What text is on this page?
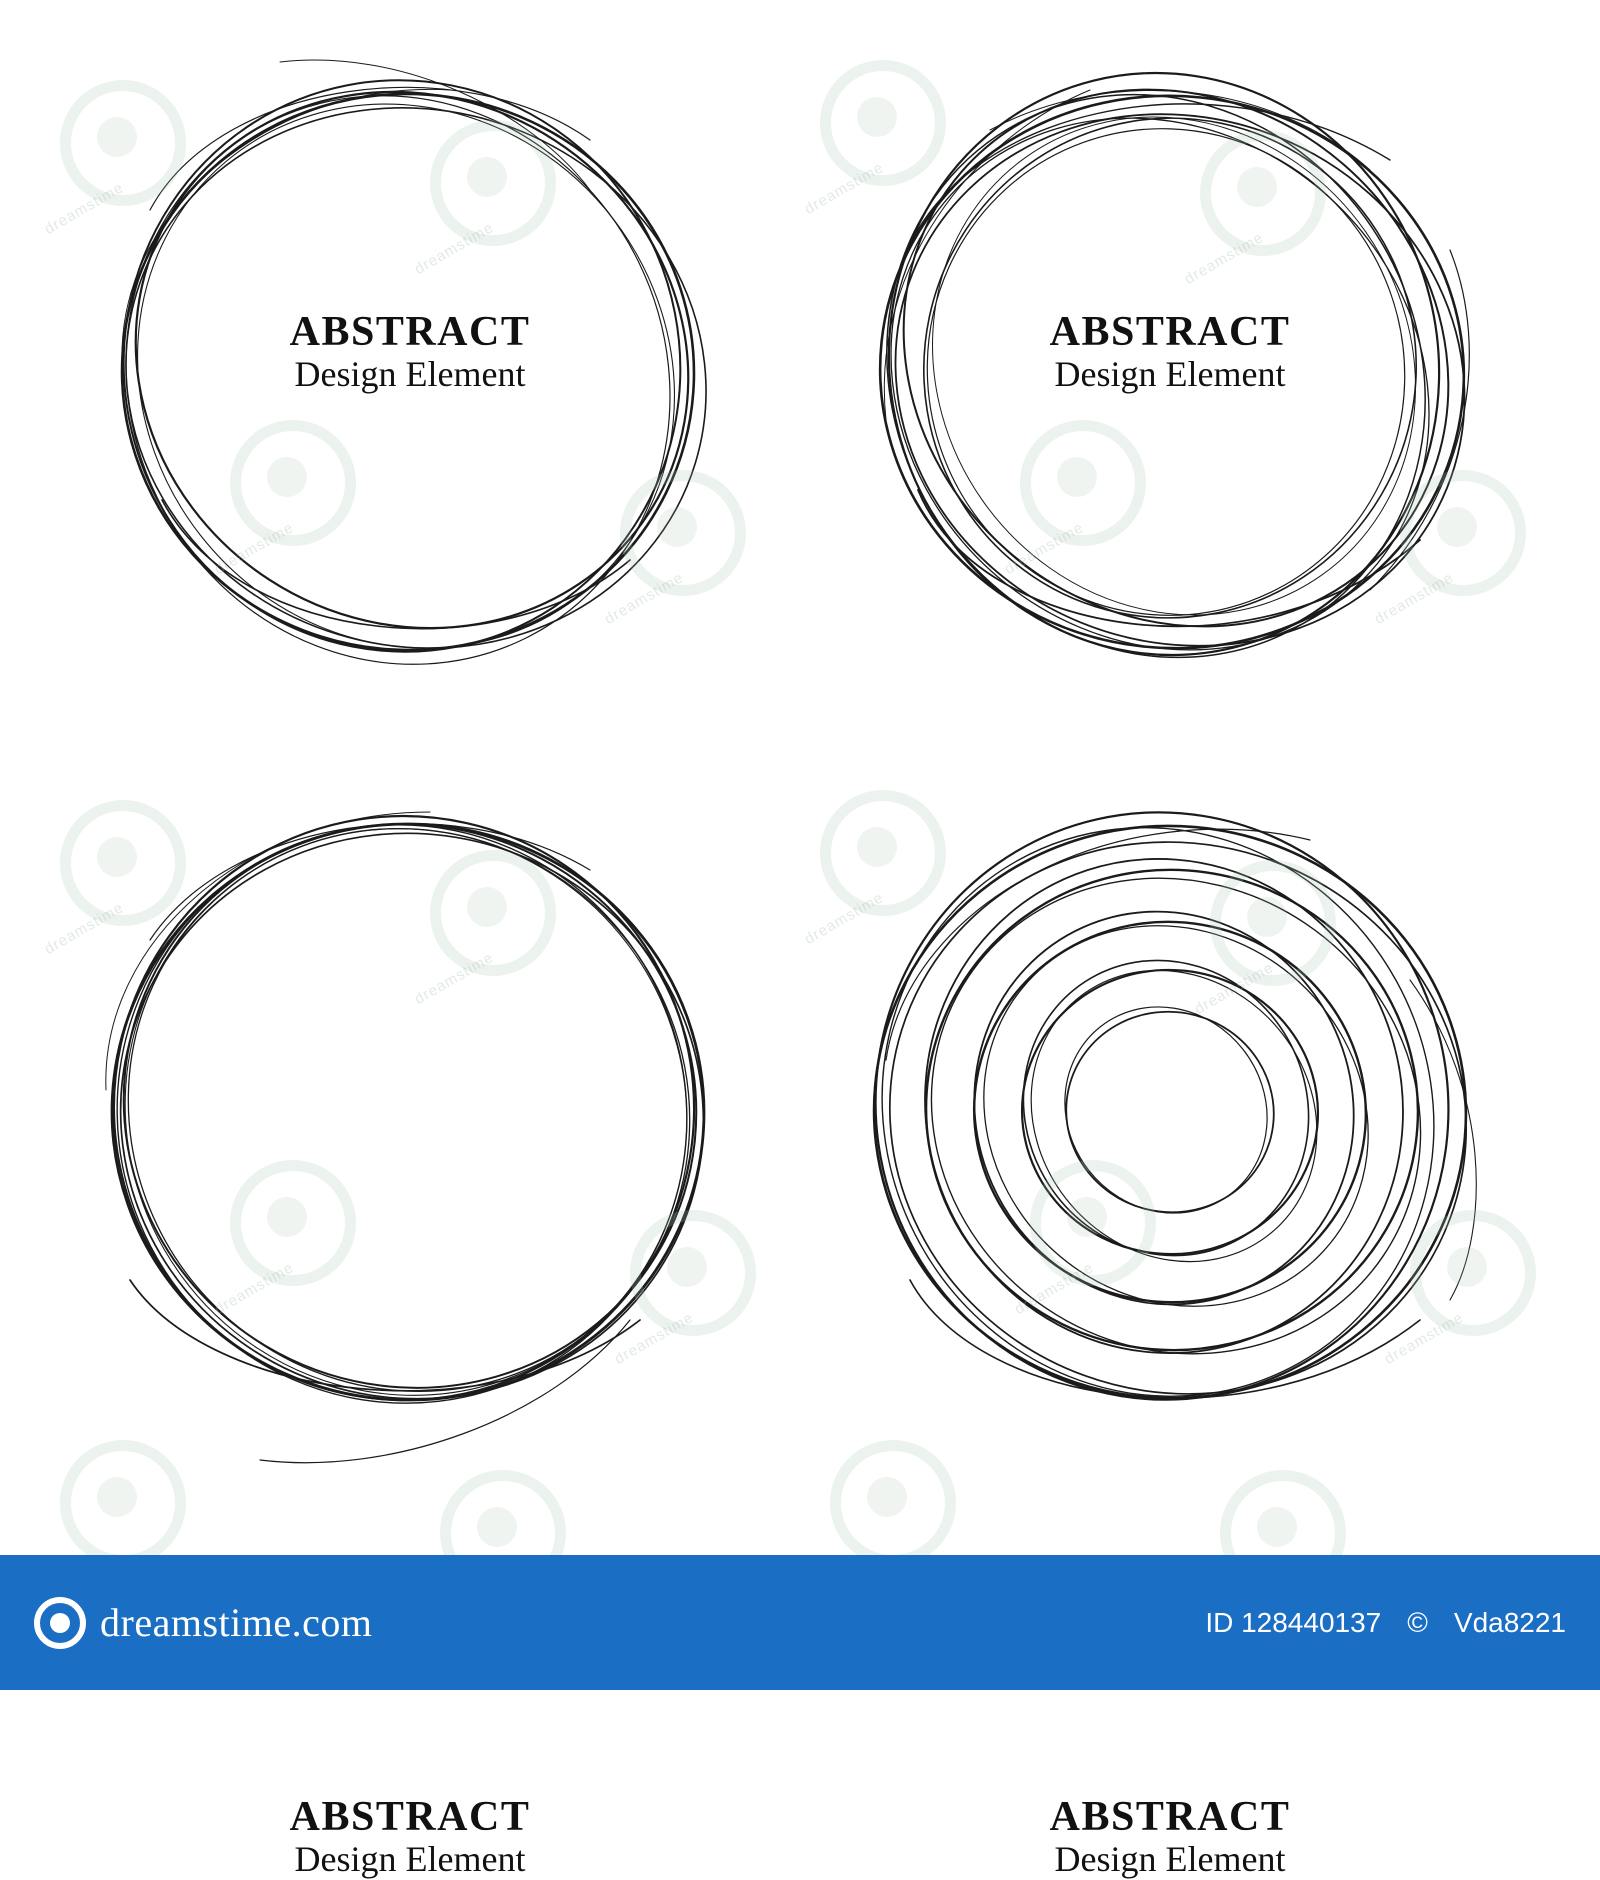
ABSTRACT
Design Element
ABSTRACT
Design Element
ABSTRACT
Design Element
ABSTRACT
Design Element
dreamstime
dreamstime
dreamstime
dreamstime
dreamstime
dreamstime
dreamstime
dreamstime
dreamstime
dreamstime
dreamstime
dreamstime
dreamstime
dreamstime
dreamstime
dreamstime
dreamstime.com	ID 128440137 © Vda8221
